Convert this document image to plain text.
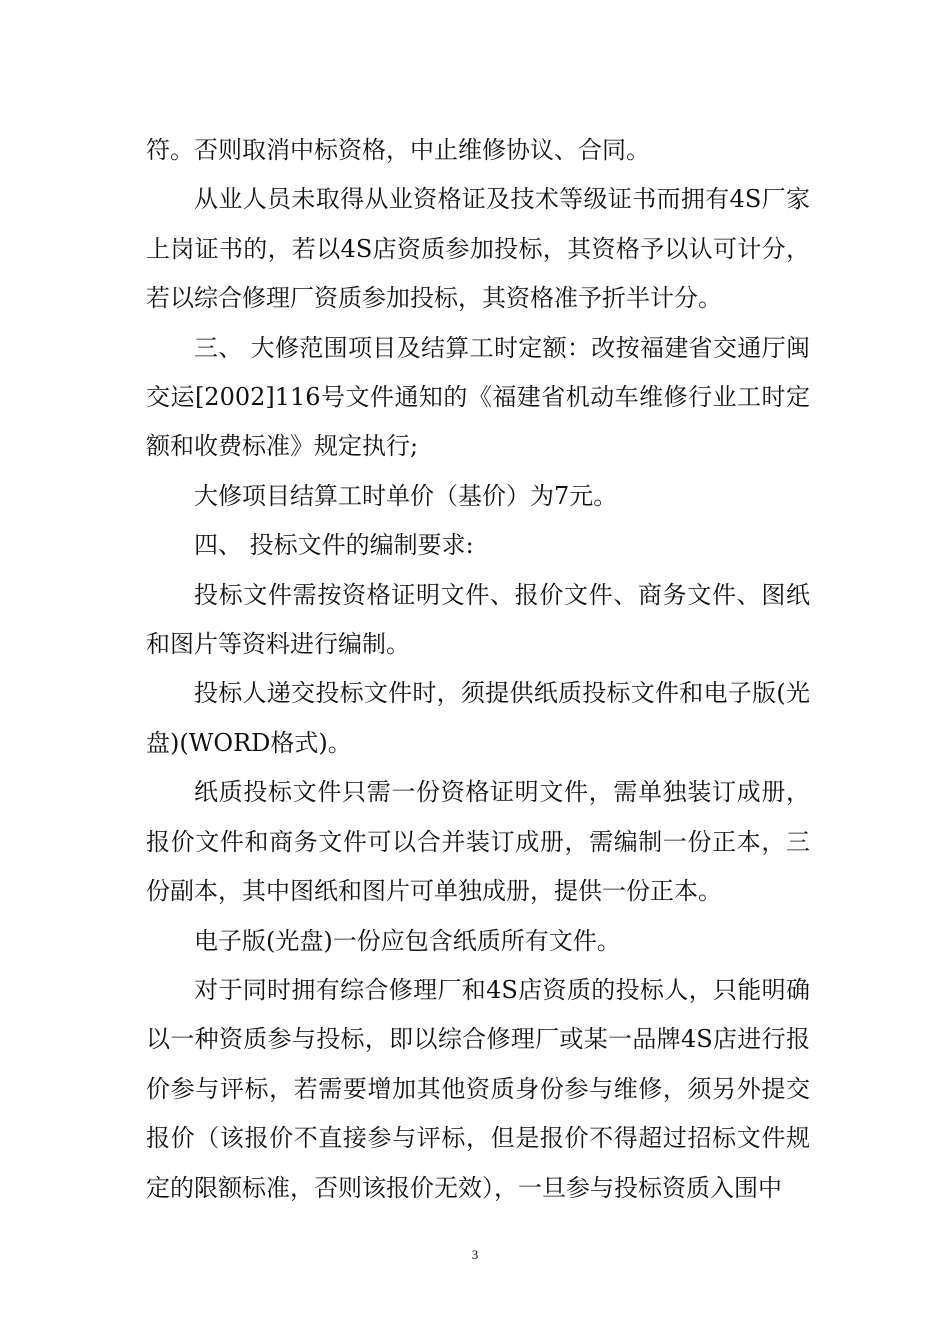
符。否则取消中标资格，中止维修协议、合同。

从业人员未取得从业资格证及技术等级证书而拥有4S厂家上岗证书的，若以4S店资质参加投标，其资格予以认可计分，若以综合修理厂资质参加投标，其资格准予折半计分。

三、 大修范围项目及结算工时定额：改按福建省交通厅闽交运[2002]116号文件通知的《福建省机动车维修行业工时定额和收费标准》规定执行;

大修项目结算工时单价（基价）为7元。

四、 投标文件的编制要求:

投标文件需按资格证明文件、报价文件、商务文件、图纸和图片等资料进行编制。

投标人递交投标文件时，须提供纸质投标文件和电子版(光盘)(WORD格式)。

纸质投标文件只需一份资格证明文件，需单独装订成册，报价文件和商务文件可以合并装订成册，需编制一份正本，三份副本，其中图纸和图片可单独成册，提供一份正本。

电子版(光盘)一份应包含纸质所有文件。

对于同时拥有综合修理厂和4S店资质的投标人，只能明确以一种资质参与投标，即以综合修理厂或某一品牌4S店进行报价参与评标，若需要增加其他资质身份参与维修，须另外提交报价（该报价不直接参与评标，但是报价不得超过招标文件规定的限额标准，否则该报价无效），一旦参与投标资质入围中

3
